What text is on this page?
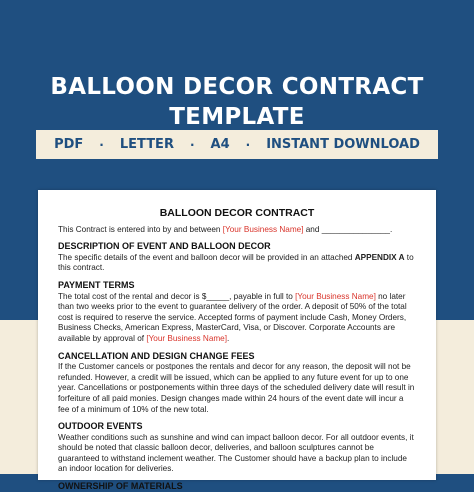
BALLOON DECOR CONTRACT
TEMPLATE
PDF · LETTER · A4 · INSTANT DOWNLOAD
BALLOON DECOR CONTRACT

This Contract is entered into by and between [Your Business Name] and _______________.

DESCRIPTION OF EVENT AND BALLOON DECOR

The specific details of the event and balloon decor will be provided in an attached APPENDIX A to this contract.

PAYMENT TERMS

The total cost of the rental and decor is $_____, payable in full to [Your Business Name] no later than two weeks prior to the event to guarantee delivery of the order. A deposit of 50% of the total cost is required to reserve the service. Accepted forms of payment include Cash, Money Orders, Business Checks, American Express, MasterCard, Visa, or Discover. Corporate Accounts are available by approval of [Your Business Name].

CANCELLATION AND DESIGN CHANGE FEES

If the Customer cancels or postpones the rentals and decor for any reason, the deposit will not be refunded. However, a credit will be issued, which can be applied to any future event for up to one year. Cancellations or postponements within three days of the scheduled delivery date will result in forfeiture of all paid monies. Design changes made within 24 hours of the event date will incur a fee of a minimum of 10% of the new total.

OUTDOOR EVENTS

Weather conditions such as sunshine and wind can impact balloon decor. For all outdoor events, it should be noted that classic balloon decor, deliveries, and balloon sculptures cannot be guaranteed to withstand inclement weather. The Customer should have a backup plan to include an indoor location for deliveries.

OWNERSHIP OF MATERIALS
